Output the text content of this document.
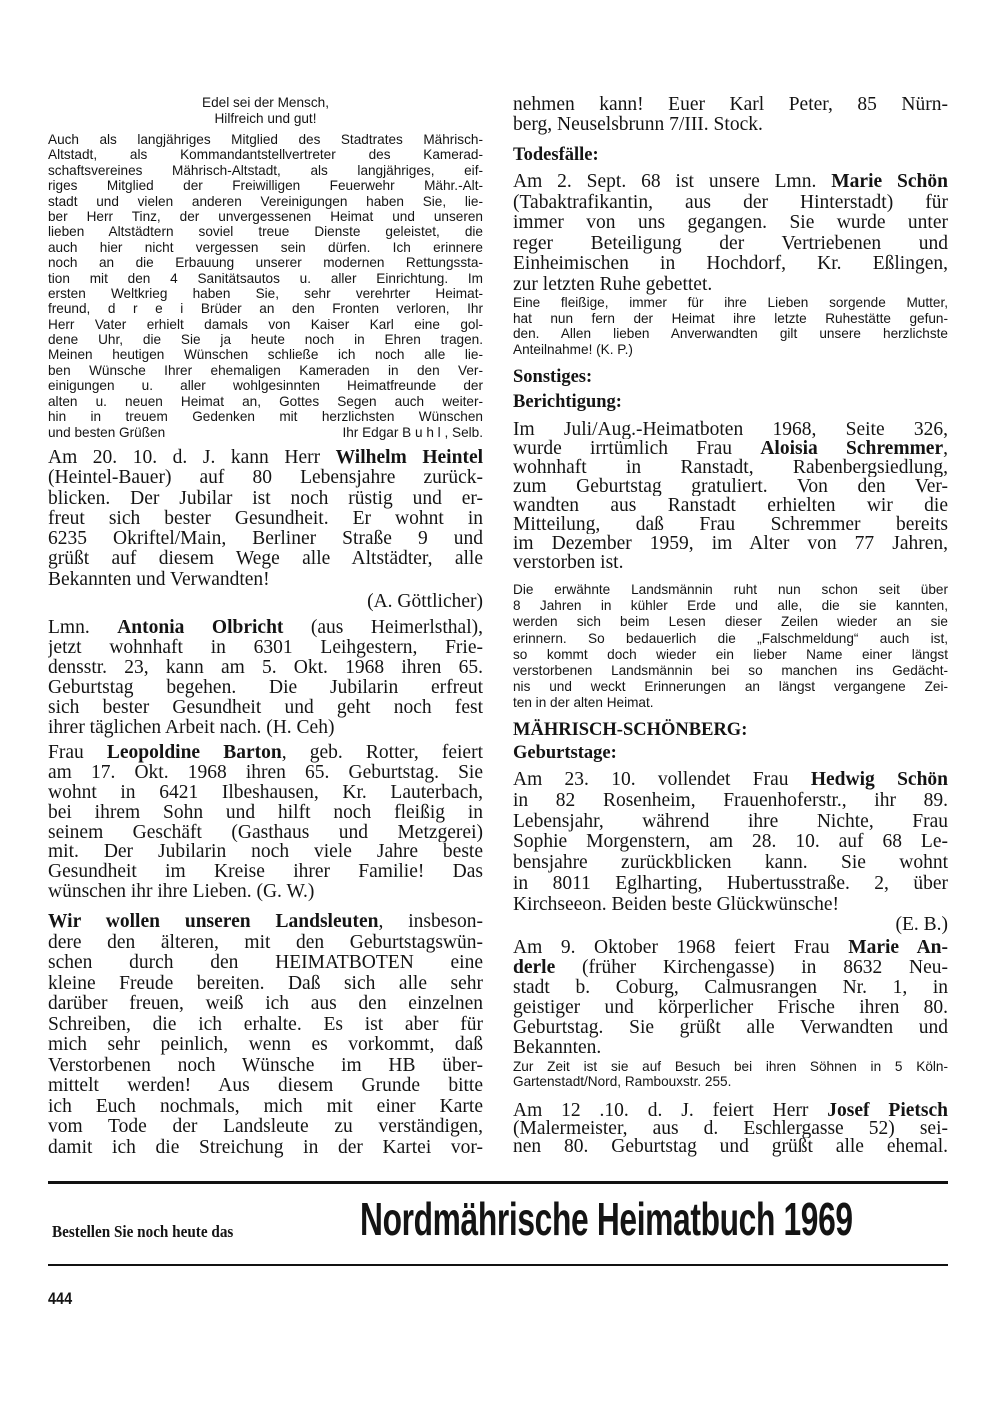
Edel sei der Mensch,
Hilfreich und gut!
Auch als langjähriges Mitglied des Stadtrates Mährisch-
Altstadt, als Kommandantstellvertreter des Kamerad-
schaftsvereines Mährisch-Altstadt, als langjähriges, eif-
riges Mitglied der Freiwilligen Feuerwehr Mähr.-Alt-
stadt und vielen anderen Vereinigungen haben Sie, lie-
ber Herr Tinz, der unvergessenen Heimat und unseren
lieben Altstädtern soviel treue Dienste geleistet, die
auch hier nicht vergessen sein dürfen. Ich erinnere
noch an die Erbauung unserer modernen Rettungssta-
tion mit den 4 Sanitätsautos u. aller Einrichtung. Im
ersten Weltkrieg haben Sie, sehr verehrter Heimat-
freund, d r e i Brüder an den Fronten verloren, Ihr
Herr Vater erhielt damals von Kaiser Karl eine gol-
dene Uhr, die Sie ja heute noch in Ehren tragen.
Meinen heutigen Wünschen schließe ich noch alle lie-
ben Wünsche Ihrer ehemaligen Kameraden in den Ver-
einigungen u. aller wohlgesinnten Heimatfreunde der
alten u. neuen Heimat an, Gottes Segen auch weiter-
hin in treuem Gedenken mit herzlichsten Wünschen
und besten Grüßen	Ihr Edgar B u h l , Selb.
Am 20. 10. d. J. kann Herr Wilhelm Heintel
(Heintel-Bauer) auf 80 Lebensjahre zurück-
blicken. Der Jubilar ist noch rüstig und er-
freut sich bester Gesundheit. Er wohnt in
6235 Okriftel/Main, Berliner Straße 9 und
grüßt auf diesem Wege alle Altstädter, alle
Bekannten und Verwandten!
(A. Göttlicher)
Lmn. Antonia Olbricht (aus Heimerlsthal),
jetzt wohnhaft in 6301 Leihgestern, Frie-
densstr. 23, kann am 5. Okt. 1968 ihren 65.
Geburtstag begehen. Die Jubilarin erfreut
sich bester Gesundheit und geht noch fest
ihrer täglichen Arbeit nach. (H. Ceh)
Frau Leopoldine Barton, geb. Rotter, feiert
am 17. Okt. 1968 ihren 65. Geburtstag. Sie
wohnt in 6421 Ilbeshausen, Kr. Lauterbach,
bei ihrem Sohn und hilft noch fleißig in
seinem Geschäft (Gasthaus und Metzgerei)
mit. Der Jubilarin noch viele Jahre beste
Gesundheit im Kreise ihrer Familie! Das
wünschen ihr ihre Lieben. (G. W.)
Wir wollen unseren Landsleuten, insbeson-
dere den älteren, mit den Geburtstagswün-
schen durch den HEIMATBOTEN eine
kleine Freude bereiten. Daß sich alle sehr
darüber freuen, weiß ich aus den einzelnen
Schreiben, die ich erhalte. Es ist aber für
mich sehr peinlich, wenn es vorkommt, daß
Verstorbenen noch Wünsche im HB über-
mittelt werden! Aus diesem Grunde bitte
ich Euch nochmals, mich mit einer Karte
vom Tode der Landsleute zu verständigen,
damit ich die Streichung in der Kartei vor-
nehmen kann! Euer Karl Peter, 85 Nürn-
berg, Neuselsbrunn 7/III. Stock.
Todesfälle:
Am 2. Sept. 68 ist unsere Lmn. Marie Schön
(Tabaktrafikantin, aus der Hinterstadt) für
immer von uns gegangen. Sie wurde unter
reger Beteiligung der Vertriebenen und
Einheimischen in Hochdorf, Kr. Eßlingen,
zur letzten Ruhe gebettet.
Eine fleißige, immer für ihre Lieben sorgende Mutter,
hat nun fern der Heimat ihre letzte Ruhestätte gefun-
den. Allen lieben Anverwandten gilt unsere herzlichste
Anteilnahme! (K. P.)
Sonstiges:
Berichtigung:
Im Juli/Aug.-Heimatboten 1968, Seite 326,
wurde irrtümlich Frau Aloisia Schremmer,
wohnhaft in Ranstadt, Rabenbergsiedlung,
zum Geburtstag gratuliert. Von den Ver-
wandten aus Ranstadt erhielten wir die
Mitteilung, daß Frau Schremmer bereits
im Dezember 1959, im Alter von 77 Jahren,
verstorben ist.
Die erwähnte Landsmännin ruht nun schon seit über
8 Jahren in kühler Erde und alle, die sie kannten,
werden sich beim Lesen dieser Zeilen wieder an sie
erinnern. So bedauerlich die „Falschmeldung“ auch ist,
so kommt doch wieder ein lieber Name einer längst
verstorbenen Landsmännin bei so manchen ins Gedächt-
nis und weckt Erinnerungen an längst vergangene Zei-
ten in der alten Heimat.
MÄHRISCH-SCHÖNBERG:
Geburtstage:
Am 23. 10. vollendet Frau Hedwig Schön
in 82 Rosenheim, Frauenhoferstr., ihr 89.
Lebensjahr, während ihre Nichte, Frau
Sophie Morgenstern, am 28. 10. auf 68 Le-
bensjahre zurückblicken kann. Sie wohnt
in 8011 Eglharting, Hubertusstraße. 2, über
Kirchseeon. Beiden beste Glückwünsche!
(E. B.)
Am 9. Oktober 1968 feiert Frau Marie An-
derle (früher Kirchengasse) in 8632 Neu-
stadt b. Coburg, Calmusrangen Nr. 1, in
geistiger und körperlicher Frische ihren 80.
Geburtstag. Sie grüßt alle Verwandten und
Bekannten.
Zur Zeit ist sie auf Besuch bei ihren Söhnen in 5 Köln-
Gartenstadt/Nord, Rambouxstr. 255.
Am 12 .10. d. J. feiert Herr Josef Pietsch
(Malermeister, aus d. Eschlergasse 52) sei-
nen 80. Geburtstag und grüßt alle ehemal.
Bestellen Sie noch heute das	Nordmährische Heimatbuch 1969
444
